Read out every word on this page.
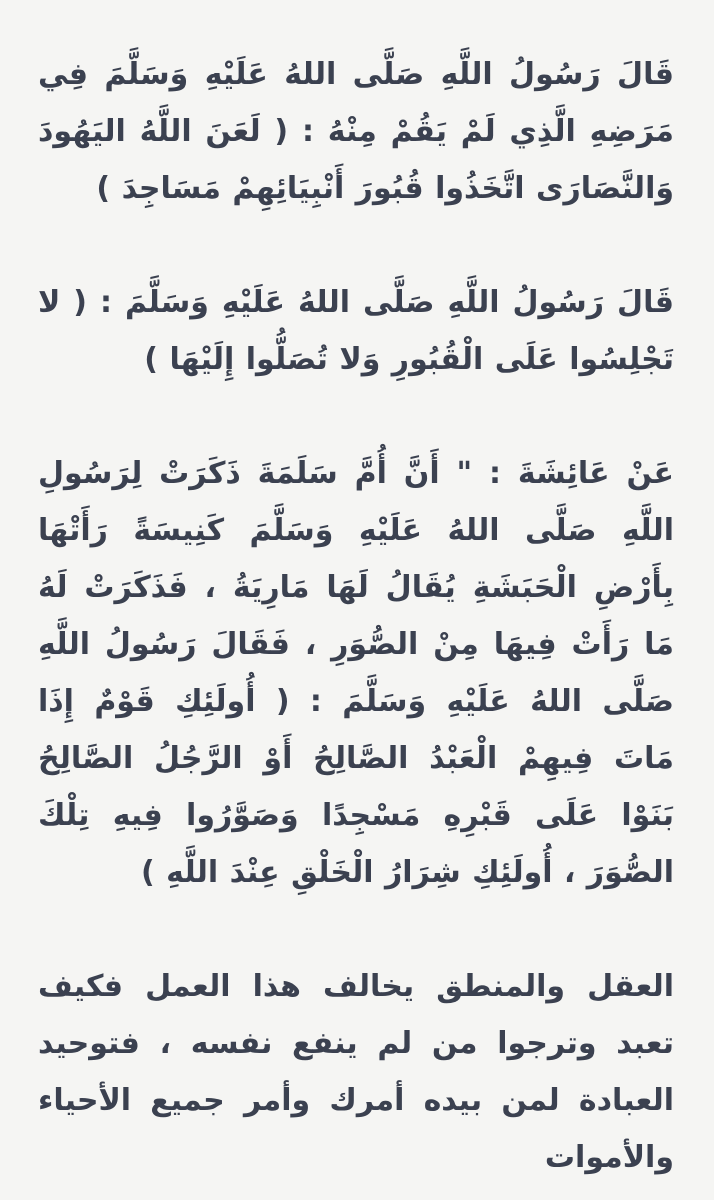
قَالَ رَسُولُ اللَّهِ صَلَّى اللهُ عَلَيْهِ وَسَلَّمَ فِي مَرَضِهِ الَّذِي لَمْ يَقُمْ مِنْهُ : ( لَعَنَ اللَّهُ اليَهُودَ وَالنَّصَارَى اتَّخَذُوا قُبُورَ أَنْبِيَائِهِمْ مَسَاجِدَ )

قَالَ رَسُولُ اللَّهِ صَلَّى اللهُ عَلَيْهِ وَسَلَّمَ : ( لا تَجْلِسُوا عَلَى الْقُبُورِ وَلا تُصَلُّوا إِلَيْهَا )

عَنْ عَائِشَةَ : " أَنَّ أُمَّ سَلَمَةَ ذَكَرَتْ لِرَسُولِ اللَّهِ صَلَّى اللهُ عَلَيْهِ وَسَلَّمَ كَنِيسَةً رَأَتْهَا بِأَرْضِ الْحَبَشَةِ يُقَالُ لَهَا مَارِيَةُ ، فَذَكَرَتْ لَهُ مَا رَأَتْ فِيهَا مِنْ الصُّوَرِ ، فَقَالَ رَسُولُ اللَّهِ صَلَّى اللهُ عَلَيْهِ وَسَلَّمَ : ( أُولَئِكِ قَوْمٌ إِذَا مَاتَ فِيهِمْ الْعَبْدُ الصَّالِحُ أَوْ الرَّجُلُ الصَّالِحُ بَنَوْا عَلَى قَبْرِهِ مَسْجِدًا وَصَوَّرُوا فِيهِ تِلْكَ الصُّوَرَ ، أُولَئِكِ شِرَارُ الْخَلْقِ عِنْدَ اللَّهِ )

العقل والمنطق يخالف هذا العمل فكيف تعبد وترجوا من لم ينفع نفسه ، فتوحيد العبادة لمن بيده أمرك وأمر جميع الأحياء والأموات
